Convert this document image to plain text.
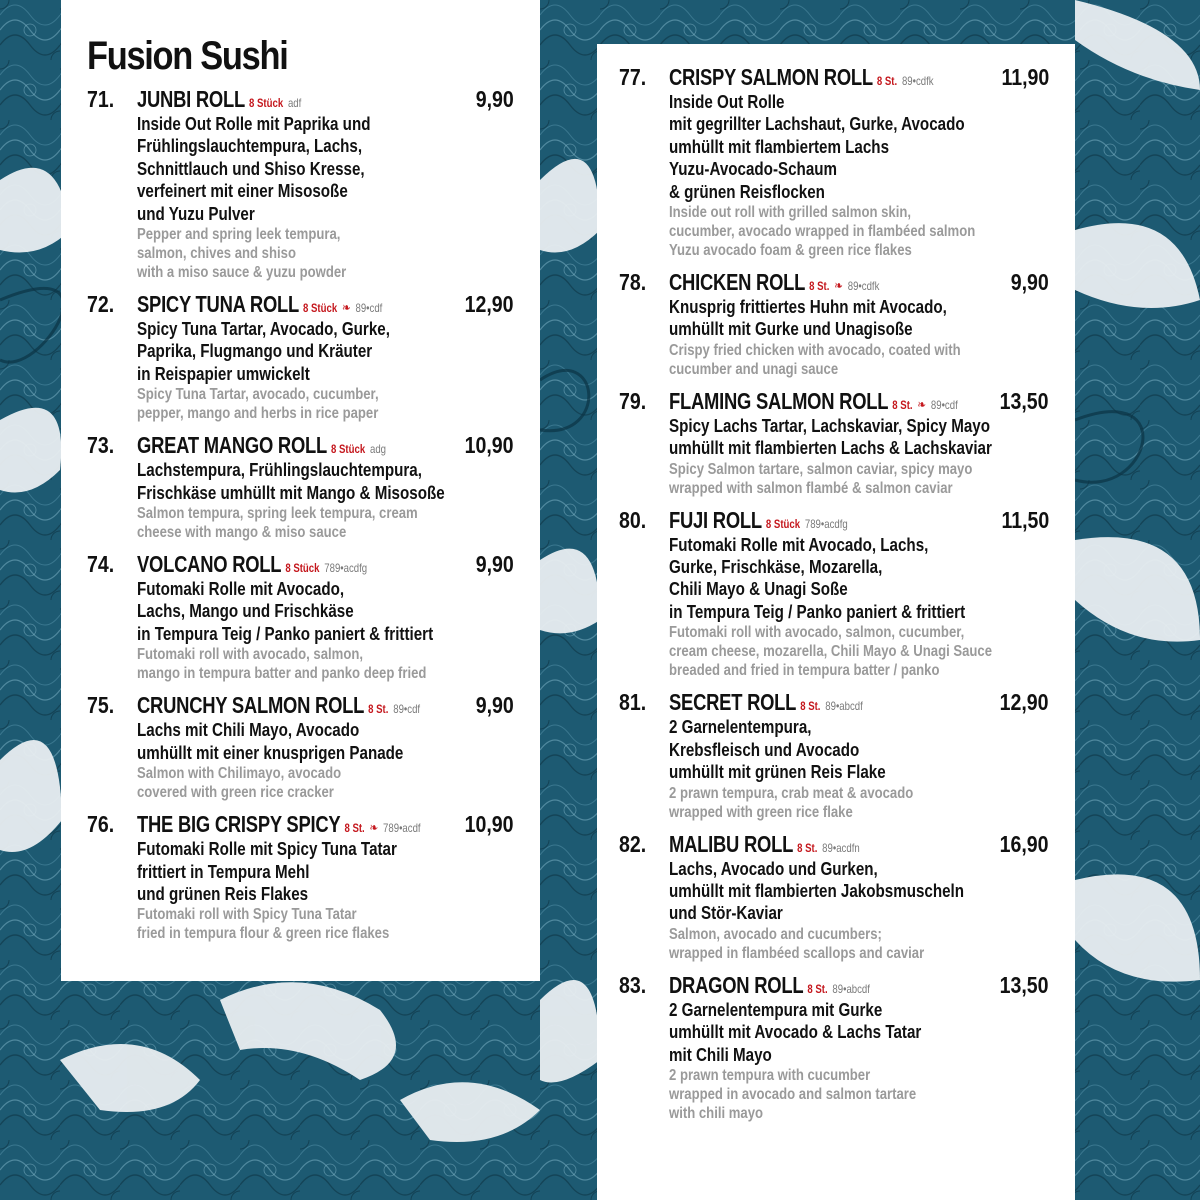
Fusion Sushi
71. JUNBI ROLL 8 Stück adf	9,90
Inside Out Rolle mit Paprika und
Frühlingslauchtempura, Lachs,
Schnittlauch und Shiso Kresse,
verfeinert mit einer Misosoße
und Yuzu Pulver
Pepper and spring leek tempura,
salmon, chives and shiso
with a miso sauce & yuzu powder
72. SPICY TUNA ROLL 8 Stück ❧ 89•cdf	12,90
Spicy Tuna Tartar, Avocado, Gurke,
Paprika, Flugmango und Kräuter
in Reispapier umwickelt
Spicy Tuna Tartar, avocado, cucumber,
pepper, mango and herbs in rice paper
73. GREAT MANGO ROLL 8 Stück adg	10,90
Lachstempura, Frühlingslauchtempura,
Frischkäse umhüllt mit Mango & Misosoße
Salmon tempura, spring leek tempura, cream
cheese with mango & miso sauce
74. VOLCANO ROLL 8 Stück 789•acdfg	9,90
Futomaki Rolle mit Avocado,
Lachs, Mango und Frischkäse
in Tempura Teig / Panko paniert & frittiert
Futomaki roll with avocado, salmon,
mango in tempura batter and panko deep fried
75. CRUNCHY SALMON ROLL 8 St. 89•cdf 9,90
Lachs mit Chili Mayo, Avocado
umhüllt mit einer knusprigen Panade
Salmon with Chilimayo, avocado
covered with green rice cracker
76. THE BIG CRISPY SPICY 8 St. ❧ 789•acdf 10,90
Futomaki Rolle mit Spicy Tuna Tatar
frittiert in Tempura Mehl
und grünen Reis Flakes
Futomaki roll with Spicy Tuna Tatar
fried in tempura flour & green rice flakes
77. CRISPY SALMON ROLL 8 St. 89•cdfk	11,90
Inside Out Rolle
mit gegrillter Lachshaut, Gurke, Avocado
umhüllt mit flambiertem Lachs
Yuzu-Avocado-Schaum
& grünen Reisflocken
Inside out roll with grilled salmon skin,
cucumber, avocado wrapped in flambéed salmon
Yuzu avocado foam & green rice flakes
78. CHICKEN ROLL 8 St. ❧ 89•cdfk	9,90
Knusprig frittiertes Huhn mit Avocado,
umhüllt mit Gurke und Unagisoße
Crispy fried chicken with avocado, coated with
cucumber and unagi sauce
79. FLAMING SALMON ROLL 8 St. ❧ 89•cdf 13,50
Spicy Lachs Tartar, Lachskaviar, Spicy Mayo
umhüllt mit flambierten Lachs & Lachskaviar
Spicy Salmon tartare, salmon caviar, spicy mayo
wrapped with salmon flambé & salmon caviar
80. FUJI ROLL 8 Stück 789•acdfg	11,50
Futomaki Rolle mit Avocado, Lachs,
Gurke, Frischkäse, Mozarella,
Chili Mayo & Unagi Soße
in Tempura Teig / Panko paniert & frittiert
Futomaki roll with avocado, salmon, cucumber,
cream cheese, mozarella, Chili Mayo & Unagi Sauce
breaded and fried in tempura batter / panko
81. SECRET ROLL 8 St. 89•abcdf	12,90
2 Garnelentempura,
Krebsfleisch und Avocado
umhüllt mit grünen Reis Flake
2 prawn tempura, crab meat & avocado
wrapped with green rice flake
82. MALIBU ROLL 8 St. 89•acdfn	16,90
Lachs, Avocado und Gurken,
umhüllt mit flambierten Jakobsmuscheln
und Stör-Kaviar
Salmon, avocado and cucumbers;
wrapped in flambéed scallops and caviar
83. DRAGON ROLL 8 St. 89•abcdf	13,50
2 Garnelentempura mit Gurke
umhüllt mit Avocado & Lachs Tatar
mit Chili Mayo
2 prawn tempura with cucumber
wrapped in avocado and salmon tartare
with chili mayo
